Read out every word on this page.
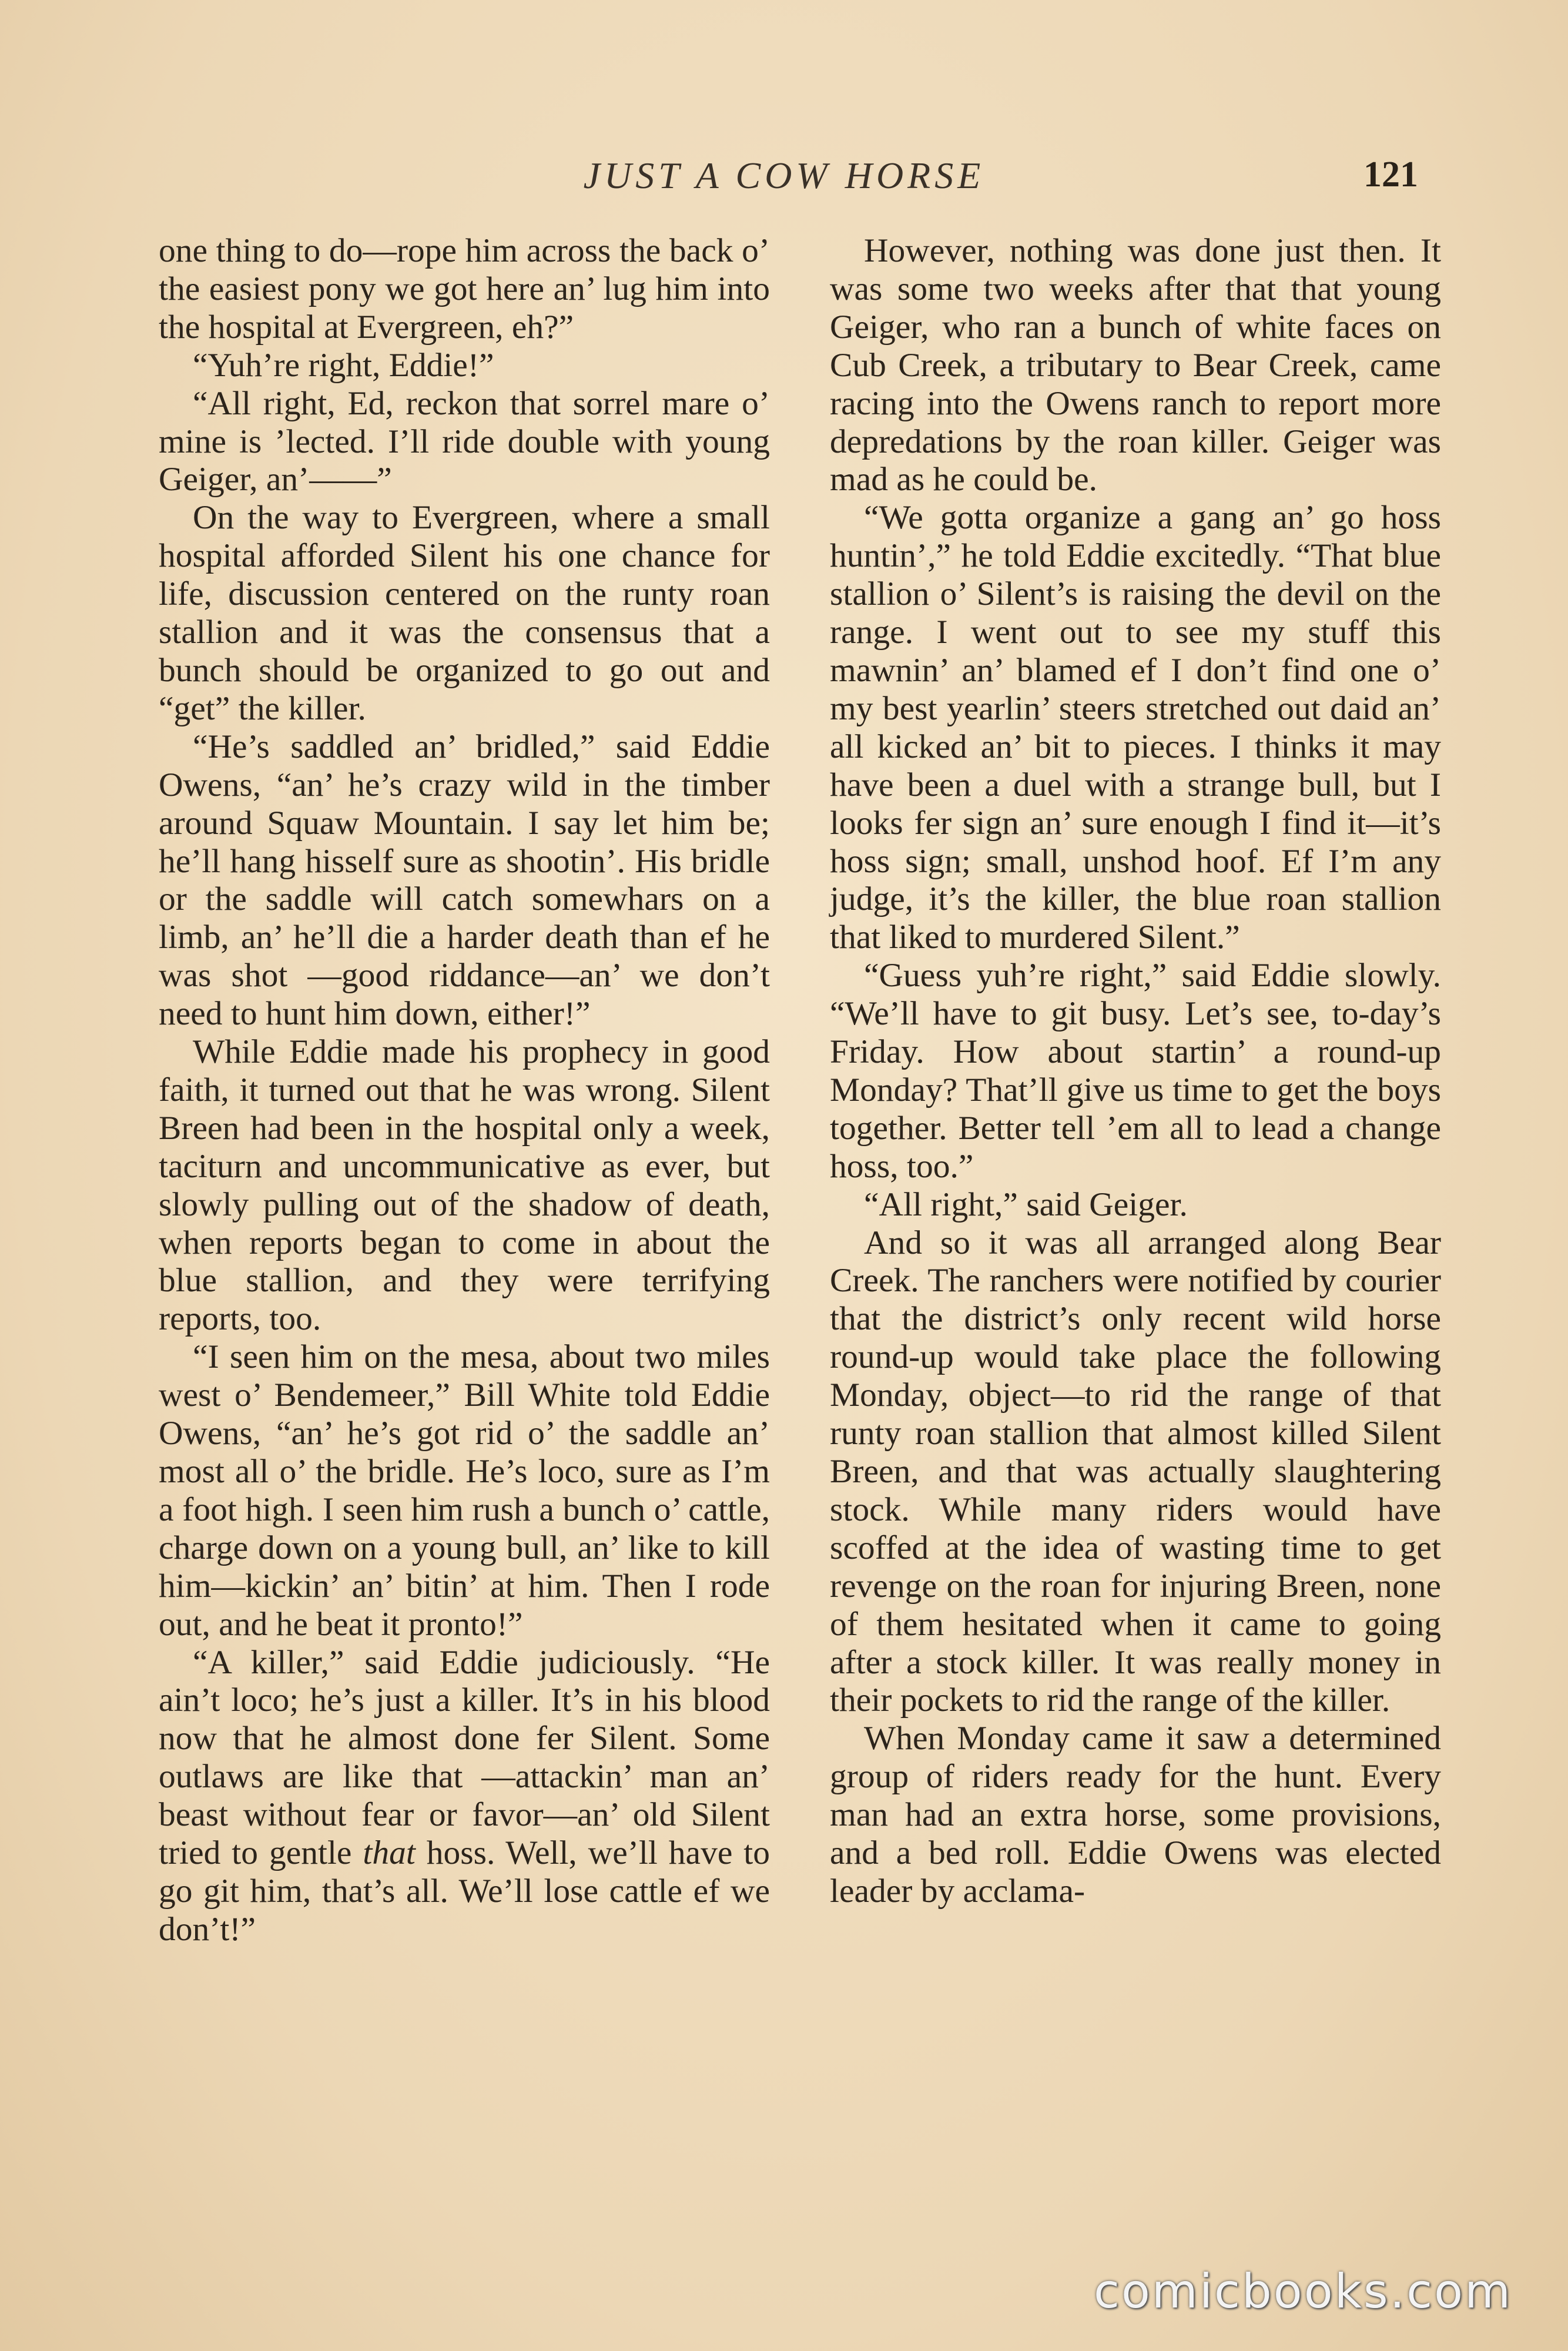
JUST A COW HORSE	121

one thing to do—rope him across the back o’ the easiest pony we got here an’ lug him into the hospital at Evergreen, eh?”

“Yuh’re right, Eddie!”

“All right, Ed, reckon that sorrel mare o’ mine is ’lected. I’ll ride double with young Geiger, an’——”

On the way to Evergreen, where a small hospital afforded Silent his one chance for life, discussion centered on the runty roan stallion and it was the consensus that a bunch should be organized to go out and “get” the killer.

“He’s saddled an’ bridled,” said Eddie Owens, “an’ he’s crazy wild in the timber around Squaw Mountain. I say let him be; he’ll hang hisself sure as shootin’. His bridle or the saddle will catch somewhars on a limb, an’ he’ll die a harder death than ef he was shot —good riddance—an’ we don’t need to hunt him down, either!”

While Eddie made his prophecy in good faith, it turned out that he was wrong. Silent Breen had been in the hospital only a week, taciturn and uncommunicative as ever, but slowly pulling out of the shadow of death, when reports began to come in about the blue stallion, and they were terrifying reports, too.

“I seen him on the mesa, about two miles west o’ Bendemeer,” Bill White told Eddie Owens, “an’ he’s got rid o’ the saddle an’ most all o’ the bridle. He’s loco, sure as I’m a foot high. I seen him rush a bunch o’ cattle, charge down on a young bull, an’ like to kill him—kickin’ an’ bitin’ at him. Then I rode out, and he beat it pronto!”

“A killer,” said Eddie judiciously. “He ain’t loco; he’s just a killer. It’s in his blood now that he almost done fer Silent. Some outlaws are like that —attackin’ man an’ beast without fear or favor—an’ old Silent tried to gentle that hoss. Well, we’ll have to go git him, that’s all. We’ll lose cattle ef we don’t!”

However, nothing was done just then. It was some two weeks after that that young Geiger, who ran a bunch of white faces on Cub Creek, a tributary to Bear Creek, came racing into the Owens ranch to report more depredations by the roan killer. Geiger was mad as he could be.

“We gotta organize a gang an’ go hoss huntin’,” he told Eddie excitedly. “That blue stallion o’ Silent’s is raising the devil on the range. I went out to see my stuff this mawnin’ an’ blamed ef I don’t find one o’ my best yearlin’ steers stretched out daid an’ all kicked an’ bit to pieces. I thinks it may have been a duel with a strange bull, but I looks fer sign an’ sure enough I find it—it’s hoss sign; small, unshod hoof. Ef I’m any judge, it’s the killer, the blue roan stallion that liked to murdered Silent.”

“Guess yuh’re right,” said Eddie slowly. “We’ll have to git busy. Let’s see, to-day’s Friday. How about startin’ a round-up Monday? That’ll give us time to get the boys together. Better tell ’em all to lead a change hoss, too.”

“All right,” said Geiger.

And so it was all arranged along Bear Creek. The ranchers were notified by courier that the district’s only recent wild horse round-up would take place the following Monday, object—to rid the range of that runty roan stallion that almost killed Silent Breen, and that was actually slaughtering stock. While many riders would have scoffed at the idea of wasting time to get revenge on the roan for injuring Breen, none of them hesitated when it came to going after a stock killer. It was really money in their pockets to rid the range of the killer.

When Monday came it saw a determined group of riders ready for the hunt. Every man had an extra horse, some provisions, and a bed roll. Eddie Owens was elected leader by acclama-

comicbooks.com
